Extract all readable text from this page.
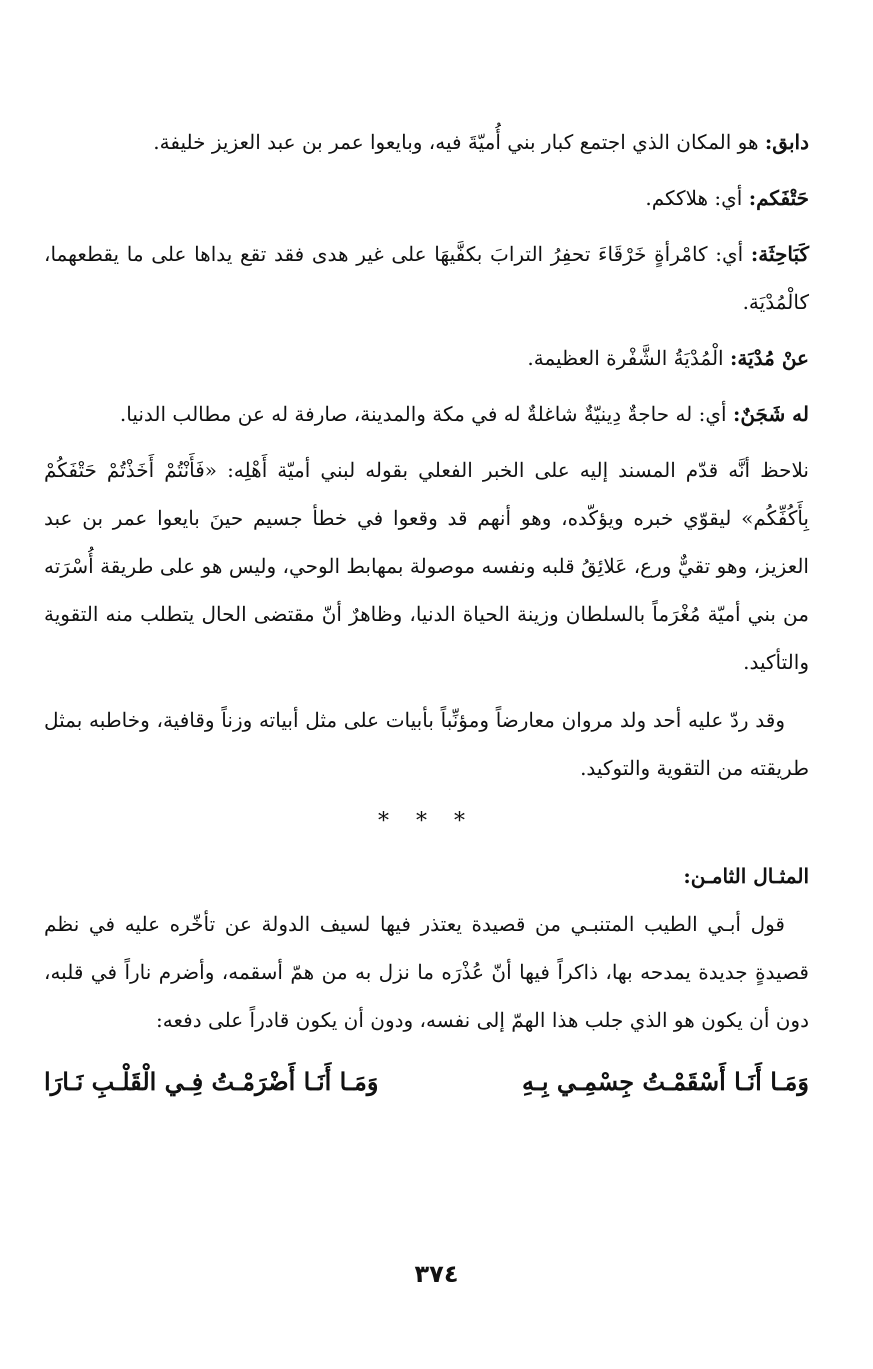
دابق: هو المكان الذي اجتمع كبار بني أُميّةَ فيه، وبايعوا عمر بن عبد العزيز خليفة.

حَتْفَكم: أي: هلاككم.

كَبَاحِثَة: أي: كامْرأةٍ خَرْقَاءَ تحفِرُ الترابَ بكفَّيهَا على غير هدى فقد تقع يداها على ما يقطعهما، كالْمُدْيَة.

عنْ مُدْيَة: الْمُدْيَةُ الشَّفْرة العظيمة.

له شَجَنٌ: أي: له حاجةٌ دِينيّةٌ شاغلةٌ له في مكة والمدينة، صارفة له عن مطالب الدنيا.

نلاحظ أنَّه قدّم المسند إليه على الخبر الفعلي بقوله لبني أميّة أَهْلِه: «فَأَنْتُمْ أَخَذْتُمْ حَتْفَكُمْ بِأَكُفِّكُم» ليقوّي خبره ويؤكّده، وهو أنهم قد وقعوا في خطأ جسيم حينَ بايعوا عمر بن عبد العزيز، وهو تقيٌّ ورع، عَلائِقُ قلبه ونفسه موصولة بمهابط الوحي، وليس هو على طريقة أُسْرَته من بني أميّة مُغْرَماً بالسلطان وزينة الحياة الدنيا، وظاهرٌ أنّ مقتضى الحال يتطلب منه التقوية والتأكيد.

وقد ردّ عليه أحد ولد مروان معارضاً ومؤنِّباً بأبيات على مثل أبياته وزناً وقافية، وخاطبه بمثل طريقته من التقوية والتوكيد.

* * *

المثـال الثامـن:

قول أبـي الطيب المتنبـي من قصيدة يعتذر فيها لسيف الدولة عن تأخّره عليه في نظم قصيدةٍ جديدة يمدحه بها، ذاكراً فيها أنّ عُذْرَه ما نزل به من همّ أسقمه، وأضرم ناراً في قلبه، دون أن يكون هو الذي جلب هذا الهمّ إلى نفسه، ودون أن يكون قادراً على دفعه:

وَمَـا أَنَـا أَسْقَمْـتُ جِسْمِـي بِـهِ
وَمَـا أَنَـا أَضْرَمْـتُ فِـي الْقَلْـبِ نَـارَا
٣٧٤
